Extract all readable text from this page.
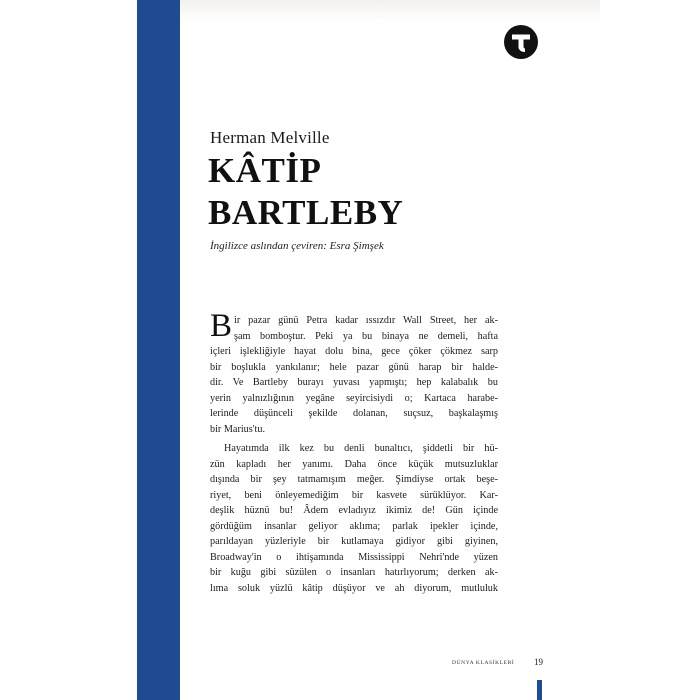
Herman Melville
KÂTİP
BARTLEBY
İngilizce aslından çeviren: Esra Şimşek
B ir pazar günü Petra kadar ıssızdır Wall Street, her ak-
şam bomboştur. Peki ya bu binaya ne demeli, hafta
içleri işlekliğiyle hayat dolu bina, gece çöker çökmez sarp
bir boşlukla yankılanır; hele pazar günü harap bir halde-
dir. Ve Bartleby burayı yuvası yapmıştı; hep kalabalık bu
yerin yalnızlığının yegâne seyircisiydi o; Kartaca harabe-
lerinde düşünceli şekilde dolanan, suçsuz, başkalaşmış
bir Marius'tu.
Hayatımda ilk kez bu denli bunaltıcı, şiddetli bir hü-
zün kapladı her yanımı. Daha önce küçük mutsuzluklar
dışında bir şey tatmamışım meğer. Şimdiyse ortak beşe-
riyet, beni önleyemediğim bir kasvete sürüklüyor. Kar-
deşlik hüznü bu! Âdem evladıyız ikimiz de! Gün içinde
gördüğüm insanlar geliyor aklıma; parlak ipekler içinde,
parıldayan yüzleriyle bir kutlamaya gidiyor gibi giyinen,
Broadway'in o ihtişamında Mississippi Nehri'nde yüzen
bir kuğu gibi süzülen o insanları hatırlıyorum; derken ak-
lıma soluk yüzlü kâtip düşüyor ve ah diyorum, mutluluk
DÜNYA KLASİKLERİ 19
